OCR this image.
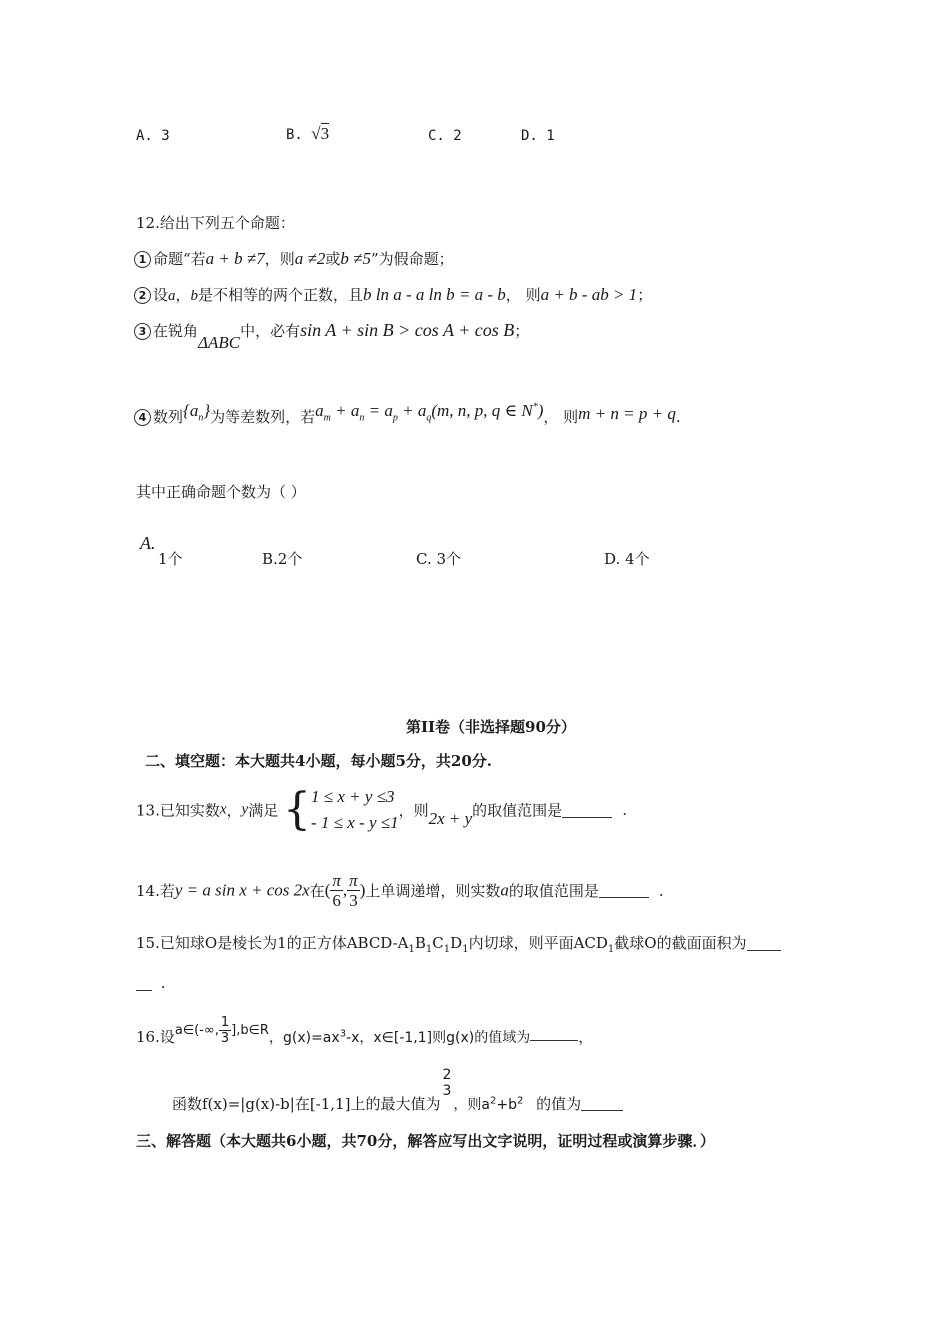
A. 3	B. √3	C. 2	D. 1
12.给出下列五个命题：
1 命题“若a + b ≠7，则a ≠2或b ≠5”为假命题；
2 设a，b是不相等的两个正数，且b ln a - a ln b = a - b， 则a + b - ab > 1；
3 在锐角ΔABC中，必有sin A + sin B > cos A + cos B；
4 数列$\{a_n\}$为等差数列，若$a_m + a_n = a_p + a_q(m$, n, p, q ∈ N*)， 则m + n = p + q.
其中正确命题个数为（ ）
A.
1个	B.2个	C. 3个	D. 4个
第II卷（非选择题90分）
二、填空题：本大题共4小题，每小题5分，共20分.
13.已知实数x，y满足 { 1 ≤ x + y ≤3
- 1 ≤ x - y ≤1
，则2x + y的取值范围是	.
14.若y = a sin x + cos 2x在( $\frac{\pi}{6}$ , $\frac{\pi}{3}$ )上单调递增，则实数a的取值范围是	.
15.已知球O是棱长为1的正方体ABCD-$A_1B_1C_1D_1$内切球，则平面$ACD_1$截球O的截面面积为
.
16.设a∈(-∞, $\frac{1}{3}$ ],b∈R，$g(x)=ax^3-x$，x∈[-1,1]则g(x)的值域为	，
函数f(x)=|g(x)-b|在[-1,1]上的最大值为
2
3
，则$a^2+b^2$ 的值为
三、解答题（本大题共6小题，共70分，解答应写出文字说明，证明过程或演算步骤．）
